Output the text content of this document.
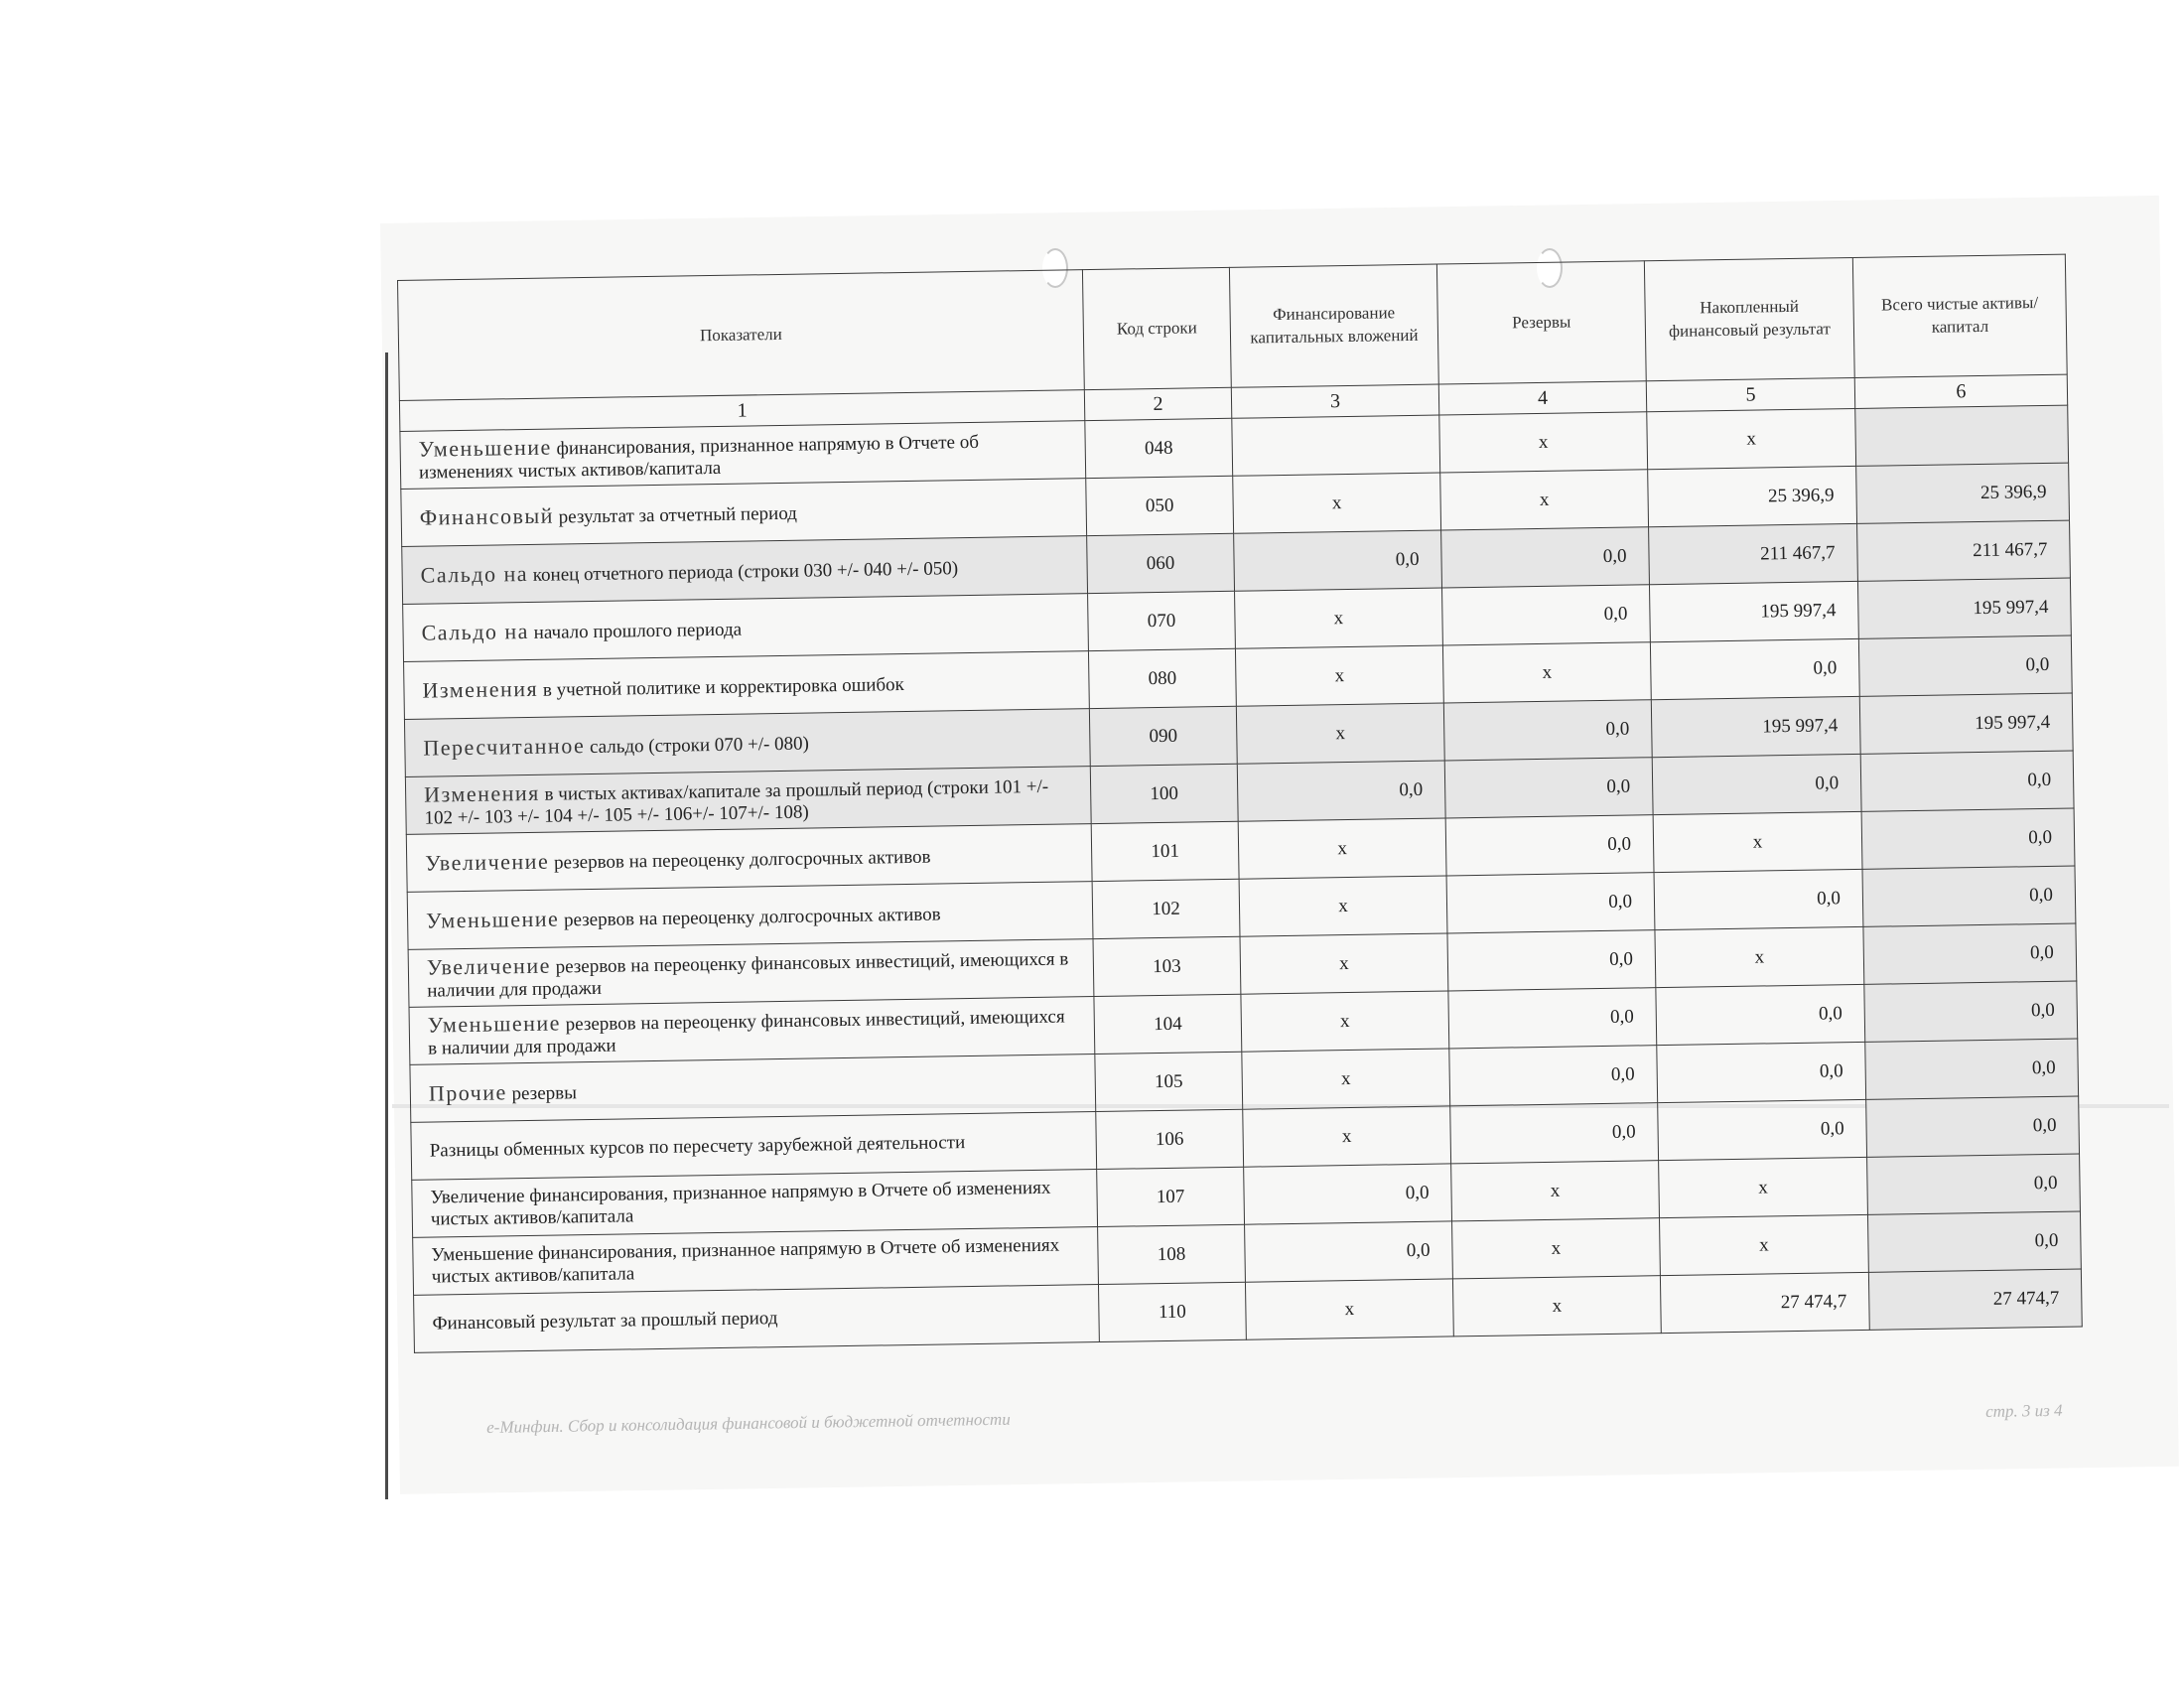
Показатели	Код строки	Финансирование капитальных вложений	Резервы	Накопленный финансовый результат	Всего чистые активы/ капитал
1	2	3	4	5	6
Уменьшение финансирования, признанное напрямую в Отчете об изменениях чистых активов/капитала	048		x	x	
Финансовый результат за отчетный период	050	x	x	25 396,9	25 396,9
Сальдо на конец отчетного периода (строки 030 +/- 040 +/- 050)	060	0,0	0,0	211 467,7	211 467,7
Сальдо на начало прошлого периода	070	x	0,0	195 997,4	195 997,4
Изменения в учетной политике и корректировка ошибок	080	x	x	0,0	0,0
Пересчитанное сальдо (строки 070 +/- 080)	090	x	0,0	195 997,4	195 997,4
Изменения в чистых активах/капитале за прошлый период (строки 101 +/- 102 +/- 103 +/- 104 +/- 105 +/- 106+/- 107+/- 108)	100	0,0	0,0	0,0	0,0
Увеличение резервов на переоценку долгосрочных активов	101	x	0,0	x	0,0
Уменьшение резервов на переоценку долгосрочных активов	102	x	0,0	0,0	0,0
Увеличение резервов на переоценку финансовых инвестиций, имеющихся в наличии для продажи	103	x	0,0	x	0,0
Уменьшение резервов на переоценку финансовых инвестиций, имеющихся в наличии для продажи	104	x	0,0	0,0	0,0
Прочие резервы	105	x	0,0	0,0	0,0
Разницы обменных курсов по пересчету зарубежной деятельности	106	x	0,0	0,0	0,0
Увеличение финансирования, признанное напрямую в Отчете об изменениях чистых активов/капитала	107	0,0	x	x	0,0
Уменьшение финансирования, признанное напрямую в Отчете об изменениях чистых активов/капитала	108	0,0	x	x	0,0
Финансовый результат за прошлый период	110	x	x	27 474,7	27 474,7
е-Минфин. Сбор и консолидация финансовой и бюджетной отчетности	стр. 3 из 4
